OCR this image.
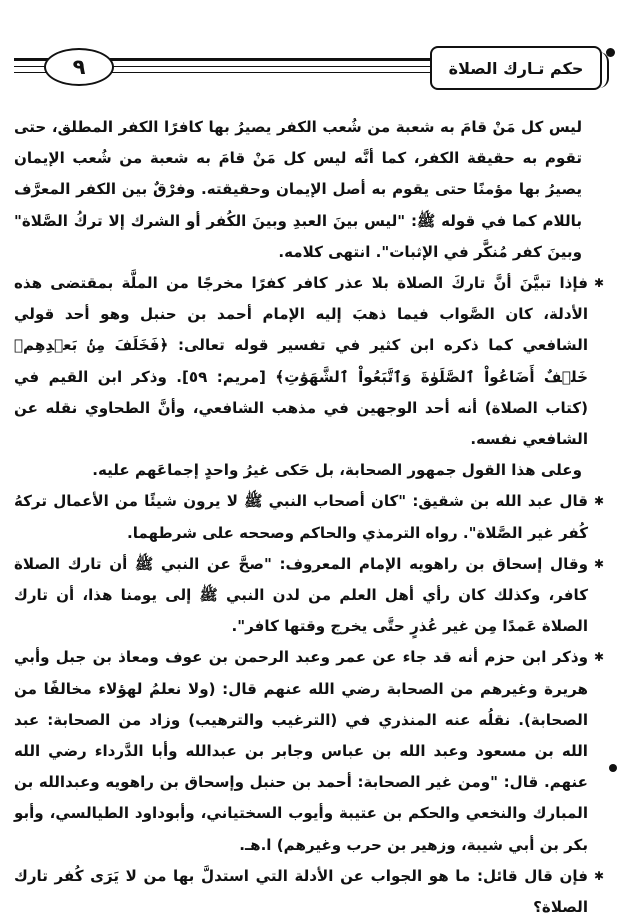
٩	حكم تـارك الصلاة

ليس كل مَنْ قامَ به شعبة من شُعب الكفر يصيرُ بها كافرًا الكفر المطلق، حتى تقوم به حقيقة الكفر، كما أنَّه ليس كل مَنْ قامَ به شعبة من شُعب الإيمان يصيرُ بها مؤمنًا حتى يقوم به أصل الإيمان وحقيقته. وفرْقٌ بين الكفر المعرَّف باللام كما في قوله ﷺ: "ليس بينَ العبدِ وبينَ الكُفر أو الشرك إلا تركُ الصَّلاة" وبينَ كفر مُنكَّر في الإثبات". انتهى كلامه.

✱
فإذا تبيَّنَ أنَّ تاركَ الصلاة بلا عذر كافر كفرًا مخرجًا من الملَّة بمقتضى هذه الأدلة، كان الصَّواب فيما ذهبَ إليه الإمام أحمد بن حنبل وهو أحد قولي الشافعي كما ذكره ابن كثير في تفسير قوله تعالى: ﴿فَخَلَفَ مِنۢ بَعۡدِهِمۡ خَلۡفٌ أَضَاعُواْ ٱلصَّلَوٰةَ وَٱتَّبَعُواْ ٱلشَّهَوَٰتِ﴾ [مريم: ٥٩]. وذكر ابن القيم في (كتاب الصلاة) أنه أحد الوجهين في مذهب الشافعي، وأنَّ الطحاوي نقله عن الشافعي نفسه.

وعلى هذا القول جمهور الصحابة، بل حَكى غيرُ واحدٍ إجماعَهم عليه.

✱
قال عبد الله بن شقيق: "كان أصحاب النبي ﷺ لا يرون شيئًا من الأعمال تركهُ كُفر غير الصَّلاة". رواه الترمذي والحاكم وصححه على شرطهما.

✱
وقال إسحاق بن راهويه الإمام المعروف: "صحَّ عن النبي ﷺ أن تارك الصلاة كافر، وكذلك كان رأي أهل العلم من لدن النبي ﷺ إلى يومنا هذا، أن تارك الصلاة عَمدًا مِن غير عُذرٍ حتَّى يخرج وقتها كافر".

✱
وذكر ابن حزم أنه قد جاء عن عمر وعبد الرحمن بن عوف ومعاذ بن جبل وأبي هريرة وغيرهم من الصحابة رضي الله عنهم قال: (ولا نعلمُ لهؤلاء مخالفًا من الصحابة). نقلُه عنه المنذري في (الترغيب والترهيب) وزاد من الصحابة: عبد الله بن مسعود وعبد الله بن عباس وجابر بن عبدالله وأبا الدَّرداء رضي الله عنهم. قال: "ومن غير الصحابة: أحمد بن حنبل وإسحاق بن راهويه وعبدالله بن المبارك والنخعي والحكم بن عتيبة وأيوب السختياني، وأبوداود الطيالسي، وأبو بكر بن أبي شيبة، وزهير بن حرب وغيرهم) ا.هـ.

✱
فإن قال قائل: ما هو الجواب عن الأدلة التي استدلَّ بها من لا يَرَى كُفر تارك الصلاة؟
